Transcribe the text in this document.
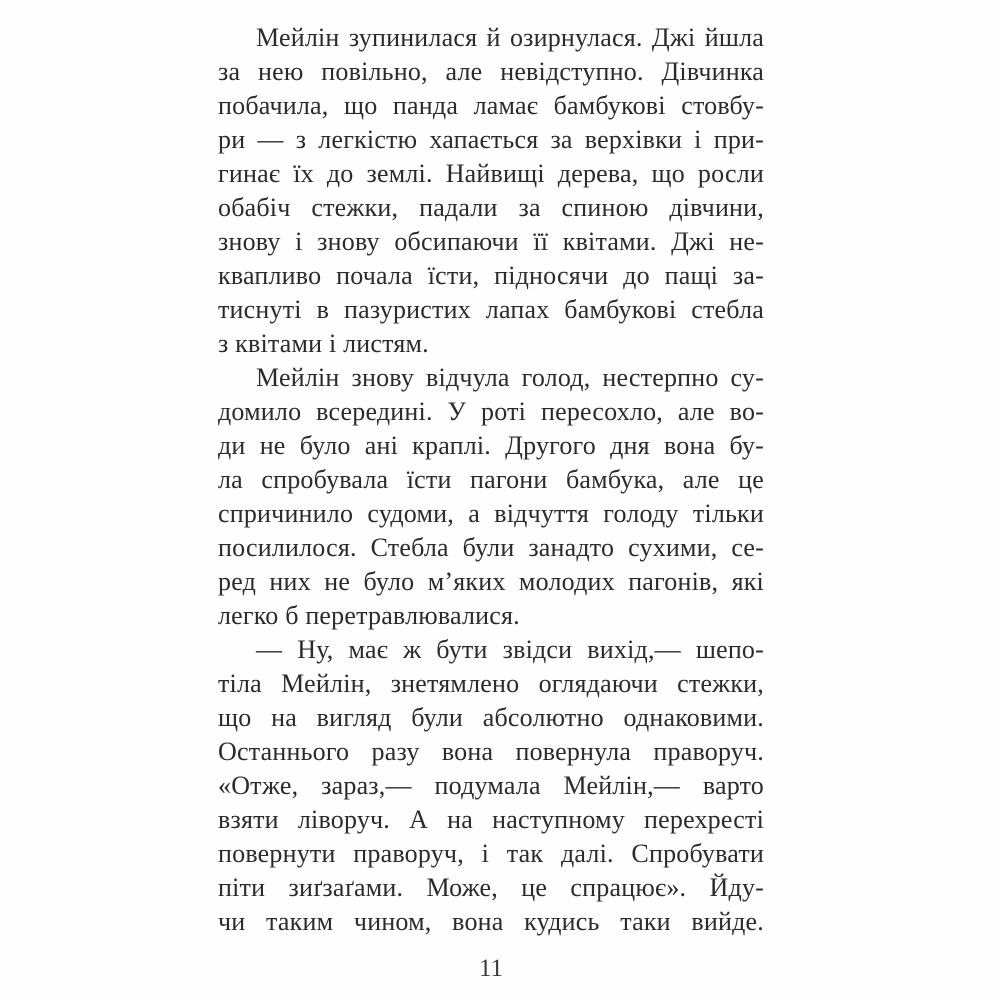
Мейлін зупинилася й озирнулася. Джі йшла
за нею повільно, але невідступно. Дівчинка
побачила, що панда ламає бамбукові стовбу-
ри — з легкістю хапається за верхівки і при-
гинає їх до землі. Найвищі дерева, що росли
обабіч стежки, падали за спиною дівчини,
знову і знову обсипаючи її квітами. Джі не-
квапливо почала їсти, підносячи до пащі за-
тиснуті в пазуристих лапах бамбукові стебла
з квітами і листям.
Мейлін знову відчула голод, нестерпно су-
домило всередині. У роті пересохло, але во-
ди не було ані краплі. Другого дня вона бу-
ла спробувала їсти пагони бамбука, але це
спричинило судоми, а відчуття голоду тільки
посилилося. Стебла були занадто сухими, се-
ред них не було м’яких молодих пагонів, які
легко б перетравлювалися.
— Ну, має ж бути звідси вихід,— шепо-
тіла Мейлін, знетямлено оглядаючи стежки,
що на вигляд були абсолютно однаковими.
Останнього разу вона повернула праворуч.
«Отже, зараз,— подумала Мейлін,— варто
взяти ліворуч. А на наступному перехресті
повернути праворуч, і так далі. Спробувати
піти зиґзаґами. Може, це спрацює». Йду-
чи таким чином, вона кудись таки вийде.
11
